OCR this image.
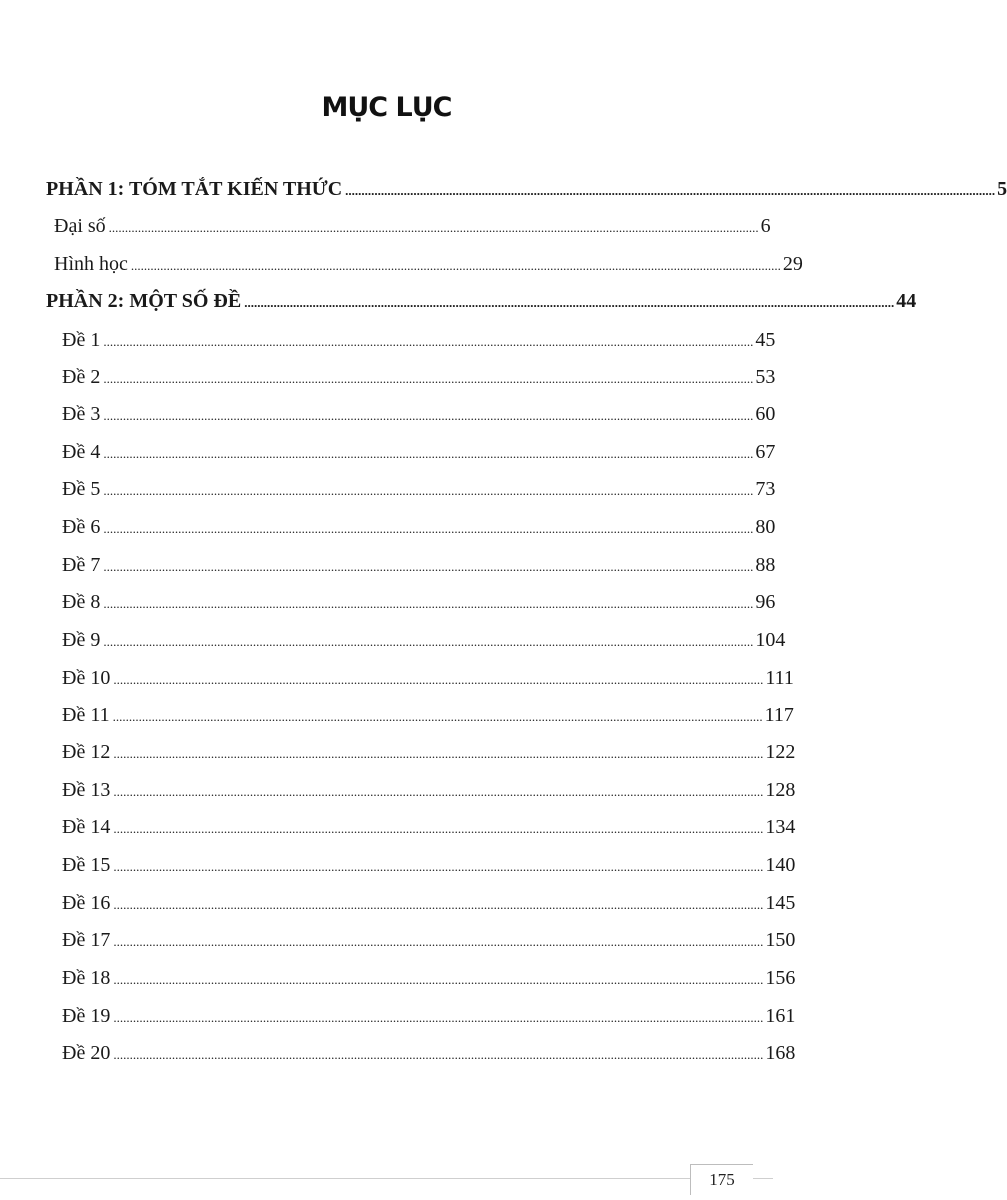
MỤC LỤC
PHẦN 1: TÓM TẮT KIẾN THỨC ........................................................................................................................................................................................................ 5
Đại số ........................................................................................................................................................................................................ 6
Hình học ........................................................................................................................................................................................................ 29
PHẦN 2: MỘT SỐ ĐỀ ........................................................................................................................................................................................................ 44
Đề 1 ........................................................................................................................................................................................................ 45
Đề 2 ........................................................................................................................................................................................................ 53
Đề 3 ........................................................................................................................................................................................................ 60
Đề 4 ........................................................................................................................................................................................................ 67
Đề 5 ........................................................................................................................................................................................................ 73
Đề 6 ........................................................................................................................................................................................................ 80
Đề 7 ........................................................................................................................................................................................................ 88
Đề 8 ........................................................................................................................................................................................................ 96
Đề 9 ........................................................................................................................................................................................................ 104
Đề 10 ........................................................................................................................................................................................................ 111
Đề 11 ........................................................................................................................................................................................................ 117
Đề 12 ........................................................................................................................................................................................................ 122
Đề 13 ........................................................................................................................................................................................................ 128
Đề 14 ........................................................................................................................................................................................................ 134
Đề 15 ........................................................................................................................................................................................................ 140
Đề 16 ........................................................................................................................................................................................................ 145
Đề 17 ........................................................................................................................................................................................................ 150
Đề 18 ........................................................................................................................................................................................................ 156
Đề 19 ........................................................................................................................................................................................................ 161
Đề 20 ........................................................................................................................................................................................................ 168
175
